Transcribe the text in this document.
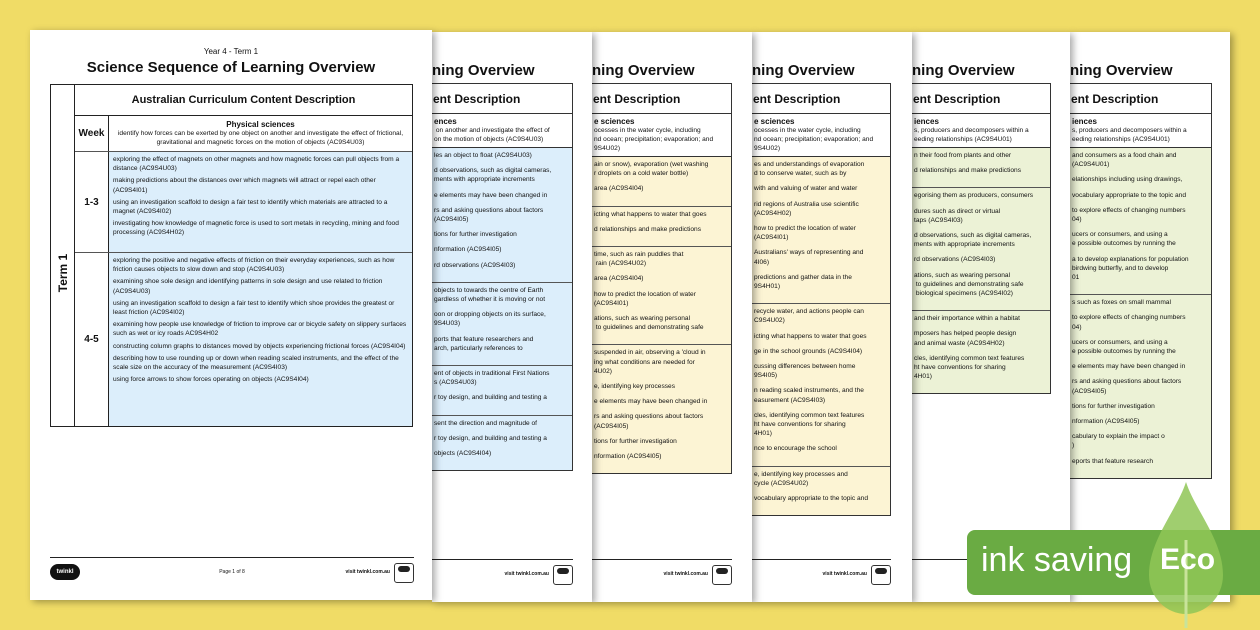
Year 4 - Term 1
Science Sequence of Learning Overview
Term 1
Australian Curriculum Content Description
Week
Physical sciences
identify how forces can be exerted by one object on another and investigate the effect of frictional, gravitational and magnetic forces on the motion of objects (AC9S4U03)
1-3
exploring the effect of magnets on other magnets and how magnetic forces can pull objects from a distance (AC9S4U03)
making predictions about the distances over which magnets will attract or repel each other (AC9S4I01)
using an investigation scaffold to design a fair test to identify which materials are attracted to a magnet (AC9S4I02)
investigating how knowledge of magnetic force is used to sort metals in recycling, mining and food processing (AC9S4H02)
4-5
exploring the positive and negative effects of friction on their everyday experiences, such as how friction causes objects to slow down and stop (AC9S4U03)
examining shoe sole design and identifying patterns in sole design and use related to friction (AC9S4U03)
using an investigation scaffold to design a fair test to identify which shoe provides the greatest or least friction (AC9S4I02)
examining how people use knowledge of friction to improve car or bicycle safety on slippery surfaces such as wet or icy roads AC9S4H02
constructing column graphs to distances moved by objects experiencing frictional forces (AC9S4I04)
describing how to use rounding up or down when reading scaled instruments, and the effect of the scale size on the accuracy of the measurement (AC9S4I03)
using force arrows to show forces operating on objects (AC9S4I04)
twinkl	Page 1 of 8	visit twinkl.com.au
ning Overview
ent Description
ences
on another and investigate the effect of
on the motion of objects (AC9S4U03)
les an object to float (AC9S4U03)
d observations, such as digital cameras,
ments with appropriate increments
e elements may have been changed in
rs and asking questions about factors
(AC9S4I05)
tions for further investigation
nformation (AC9S4I05)
rd observations (AC9S4I03)
objects to towards the centre of Earth
gardless of whether it is moving or not
oon or dropping objects on its surface,
9S4U03)
ports that feature researchers and
arch, particularly references to
ent of objects in traditional First Nations
s (AC9S4U03)
r toy design, and building and testing a
sent the direction and magnitude of
r toy design, and building and testing a
objects (AC9S4I04)
visit twinkl.com.au
ning Overview
ent Description
e sciences
ocesses in the water cycle, including
nd ocean; precipitation; evaporation; and
9S4U02)
ain or snow), evaporation (wet washing
r droplets on a cold water bottle)
area (AC9S4I04)
icting what happens to water that goes
d relationships and make predictions
time, such as rain puddles that
rain (AC9S4U02)
area (AC9S4I04)
how to predict the location of water
(AC9S4I01)
ations, such as wearing personal
to guidelines and demonstrating safe
suspended in air, observing a 'cloud in
ing what conditions are needed for
4U02)
e, identifying key processes
e elements may have been changed in
rs and asking questions about factors
(AC9S4I05)
tions for further investigation
nformation (AC9S4I05)
visit twinkl.com.au
ning Overview
ent Description
e sciences
ocesses in the water cycle, including
nd ocean; precipitation; evaporation; and
9S4U02)
es and understandings of evaporation
d to conserve water, such as by
with and valuing of water and water
rid regions of Australia use scientific
(AC9S4H02)
how to predict the location of water
(AC9S4I01)
Australians' ways of representing and
4I06)
predictions and gather data in the
9S4H01)
recycle water, and actions people can
C9S4U02)
icting what happens to water that goes
ge in the school grounds (AC9S4I04)
cussing differences between home
9S4I05)
n reading scaled instruments, and the
easurement (AC9S4I03)
cles, identifying common text features
ht have conventions for sharing
4H01)
nce to encourage the school
e, identifying key processes and
cycle (AC9S4U02)
vocabulary appropriate to the topic and
visit twinkl.com.au
ning Overview
ent Description
iences
s, producers and decomposers within a
eeding relationships (AC9S4U01)
n their food from plants and other
d relationships and make predictions
egorising them as producers, consumers
dures such as direct or virtual
taps (AC9S4I03)
d observations, such as digital cameras,
ments with appropriate increments
rd observations (AC9S4I03)
ations, such as wearing personal
to guidelines and demonstrating safe
biological specimens (AC9S4I02)
and their importance within a habitat
mposers has helped people design
and animal waste (AC9S4H02)
cles, identifying common text features
ht have conventions for sharing
4H01)
ning Overview
ent Description
iences
s, producers and decomposers within a
eeding relationships (AC9S4U01)
and consumers as a food chain and
(AC9S4U01)
elationships including using drawings,
vocabulary appropriate to the topic and
to explore effects of changing numbers
04)
ucers or consumers, and using a
e possible outcomes by running the
a to develop explanations for population
birdwing butterfly, and to develop
01
s such as foxes on small mammal
to explore effects of changing numbers
04)
ucers or consumers, and using a
e possible outcomes by running the
e elements may have been changed in
rs and asking questions about factors
(AC9S4I05)
tions for further investigation
nformation (AC9S4I05)
cabulary to explain the impact o
)
eports that feature research
ink saving Eco
